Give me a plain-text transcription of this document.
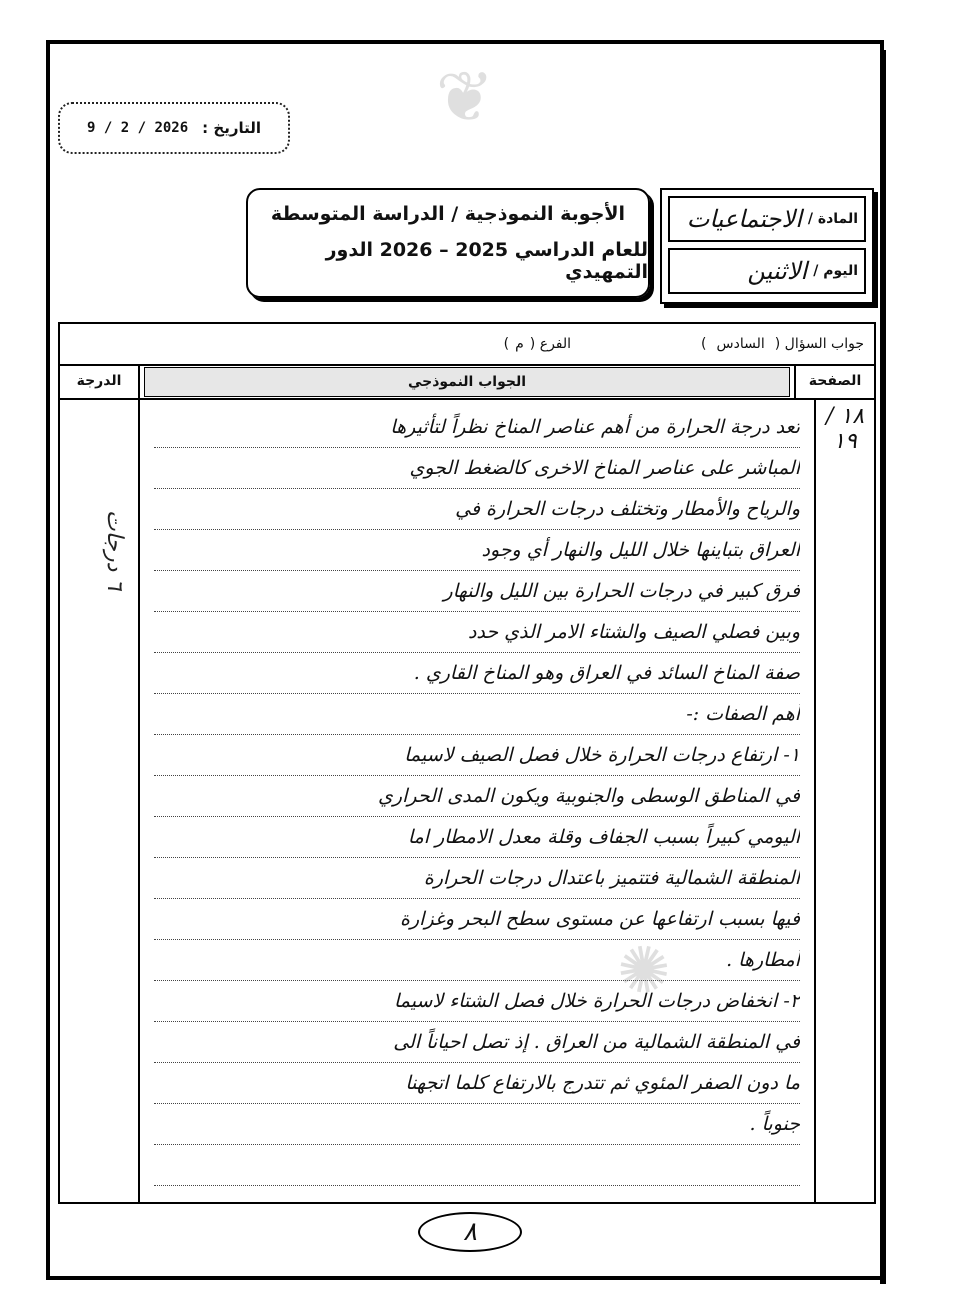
❦
التاريخ :
9 / 2 / 2026
الأجوبة النموذجية / الدراسة المتوسطة
للعام الدراسي 2025 – 2026 الدور التمهيدي
المادة /
الاجتماعيات
اليوم /
الاثنين
جواب السؤال (
السادس
)
الفرع (
م
)
الصفحة
الجواب النموذجي
الدرجة
٦ درجات
١٨ / ١٩
تعد درجة الحرارة من أهم عناصر المناخ نظراً لتأثيرها
المباشر على عناصر المناخ الاخرى كالضغط الجوي
والرياح والأمطار وتختلف درجات الحرارة في
العراق بتباينها خلال الليل والنهار أي وجود
فرق كبير في درجات الحرارة بين الليل والنهار
وبين فصلي الصيف والشتاء الامر الذي حدد
صفة المناخ السائد في العراق وهو المناخ القاري .
أهم الصفات :-
١- ارتفاع درجات الحرارة خلال فصل الصيف لاسيما
في المناطق الوسطى والجنوبية ويكون المدى الحراري
اليومي كبيراً بسبب الجفاف وقلة معدل الامطار اما
المنطقة الشمالية فتتميز باعتدال درجات الحرارة
فيها بسبب ارتفاعها عن مستوى سطح البحر وغزارة
أمطارها .
٢- انخفاض درجات الحرارة خلال فصل الشتاء لاسيما
في المنطقة الشمالية من العراق . إذ تصل احياناً الى
ما دون الصفر المئوي ثم تتدرج بالارتفاع كلما اتجهنا
جنوباً .
✺
٨
